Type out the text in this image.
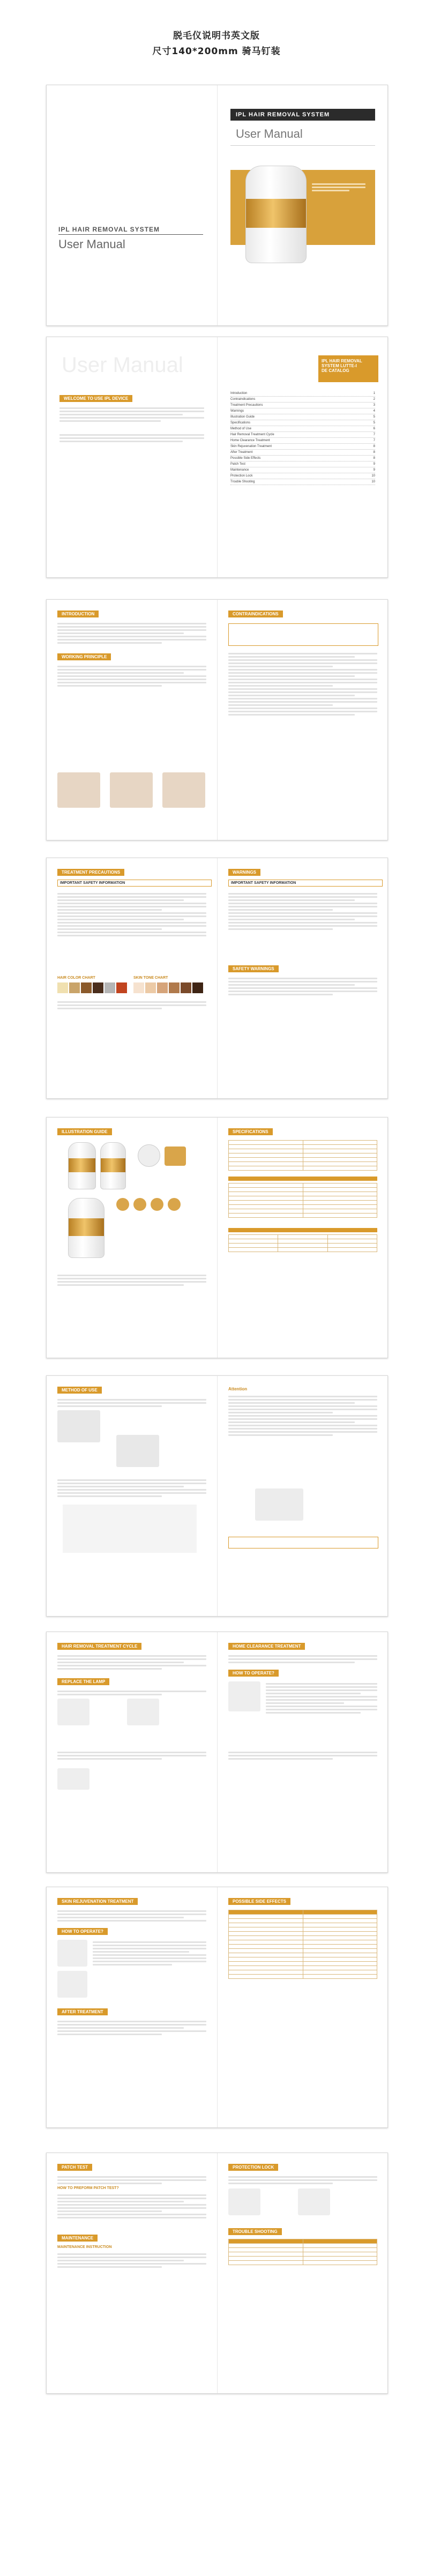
脱毛仪说明书英文版
尺寸140*200mm 骑马钉装
IPL HAIR REMOVAL SYSTEM
User Manual
IPL HAIR REMOVAL SYSTEM
User Manual
User Manual
WELCOME TO USE IPL DEVICE

IPL HAIR REMOVAL
SYSTEM LUTTE-I
DE CATALOG
Introduction	1
Contraindications	2
Treatment Precautions	3
Warnings	4
Illustration Guide	5
Specifications	5
Method of Use	6
Hair Removal Treatment Cycle	7
Home Clearance Treatment	7
Skin Rejuvenation Treatment	8
After Treatment	8
Possible Side Effects	8
Patch Test	9
Maintenance	9
Protection Lock	10
Trouble Shooting	10
INTRODUCTION
WORKING PRINCIPLE
CONTRAINDICATIONS
TREATMENT PRECAUTIONS
IMPORTANT SAFETY INFORMATION
HAIR COLOR CHART	SKIN TONE CHART
WARNINGS
IMPORTANT SAFETY INFORMATION
SAFETY WARNINGS
ILLUSTRATION GUIDE	SPECIFICATIONS

METHOD OF USE	Attention
HAIR REMOVAL TREATMENT CYCLE
REPLACE THE LAMP
HOME CLEARANCE TREATMENT
HOW TO OPERATE?
SKIN REJUVENATION TREATMENT
HOW TO OPERATE?
AFTER TREATMENT
POSSIBLE SIDE EFFECTS

PATCH TEST
HOW TO PREFORM PATCH TEST?
MAINTENANCE
MAINTENANCE INSTRUCTION
PROTECTION LOCK
TROUBLE SHOOTING
